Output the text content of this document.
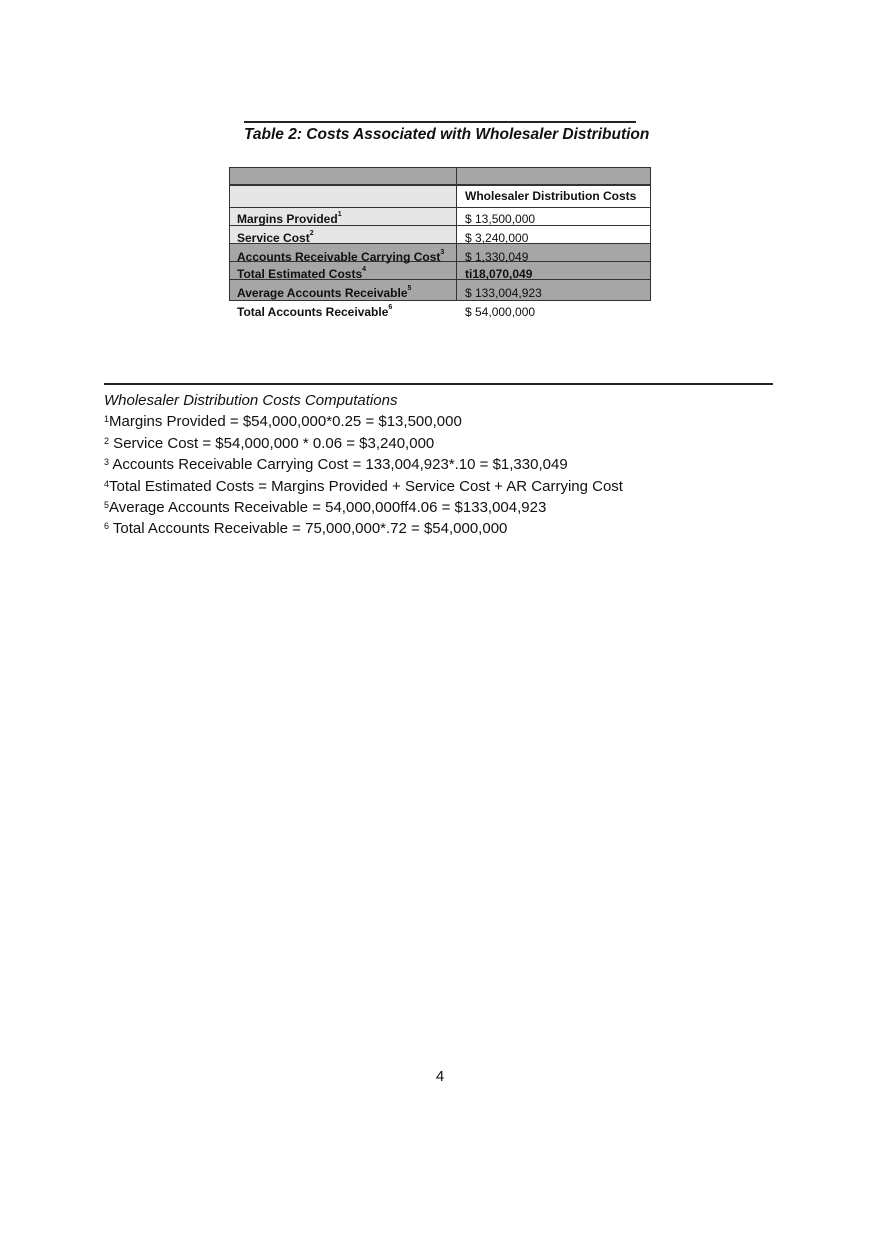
Table 2: Costs Associated with Wholesaler Distribution
Wholesaler Distribution Costs
Margins Provided$^1$	$ 13,500,000
Service Cost$^2$	$ 3,240,000
Accounts Receivable Carrying Cost$^3$ $ 1,330,049
Total Estimated Costs$^4$	ti18,070,049
Average Accounts Receivable$^5$	$ 133,004,923
Total Accounts Receivable$^6$	$ 54,000,000
Wholesaler Distribution Costs Computations
$^1$Margins Provided = $54,000,000*0.25 = $13,500,000
$^2$ Service Cost = $54,000,000 * 0.06 = $3,240,000
$^3$ Accounts Receivable Carrying Cost = 133,004,923*.10 = $1,330,049
$^4$Total Estimated Costs = Margins Provided + Service Cost + AR Carrying Cost
$^5$Average Accounts Receivable = 54,000,000ff4.06 = $133,004,923
$^6$ Total Accounts Receivable = 75,000,000*.72 = $54,000,000
4
